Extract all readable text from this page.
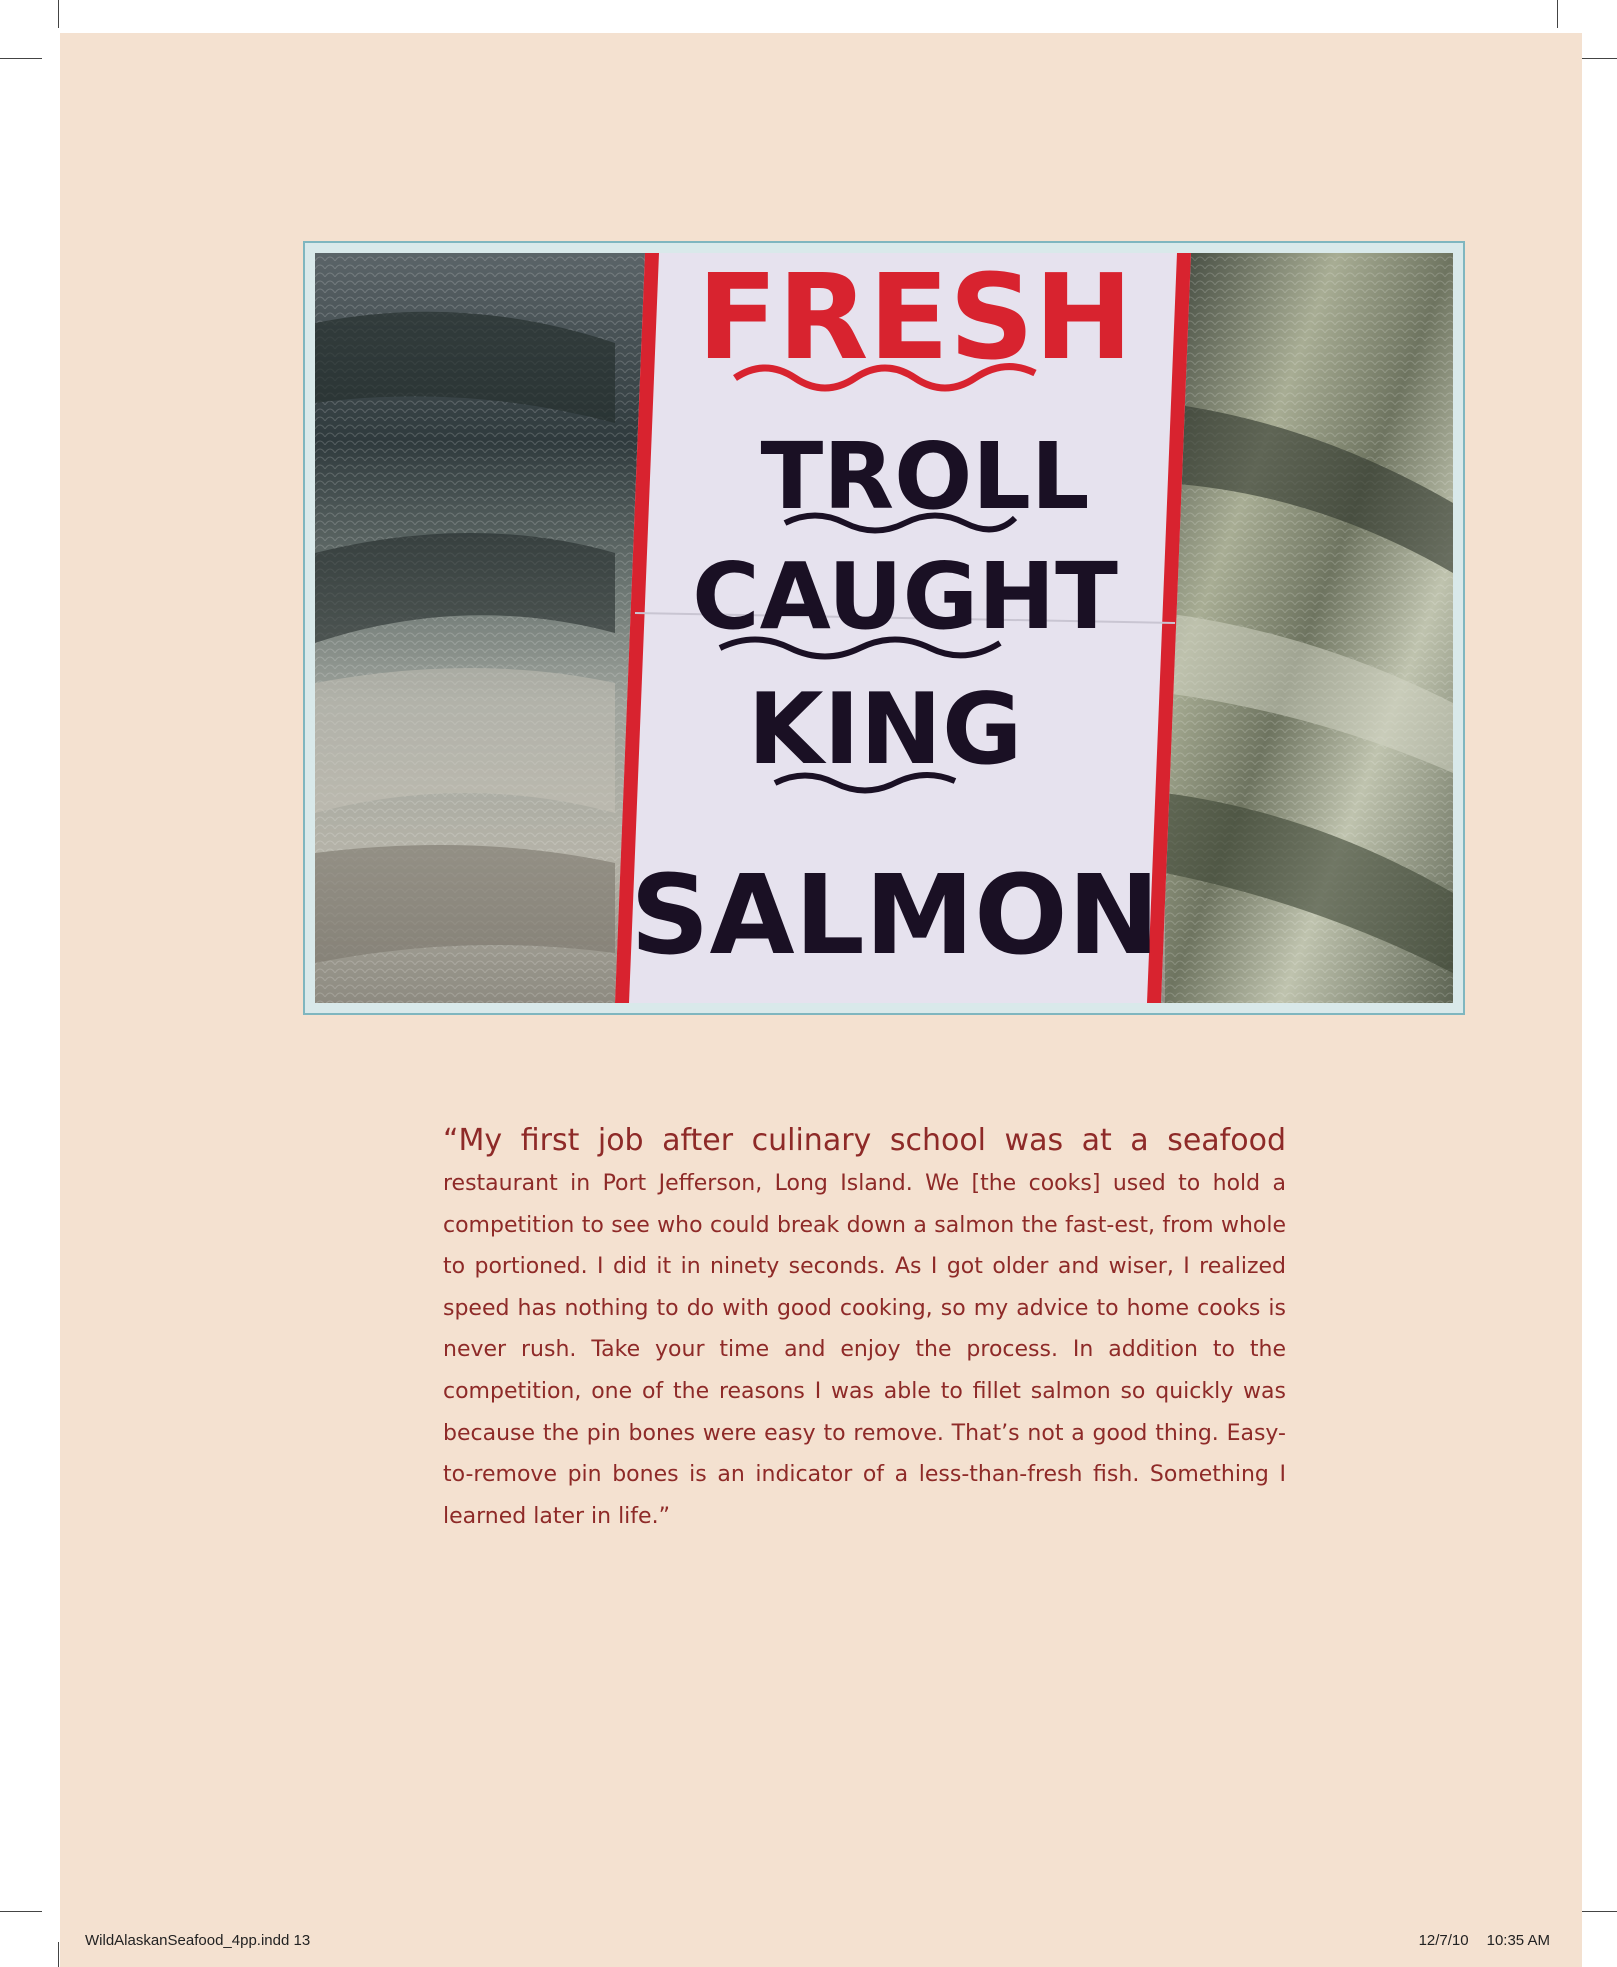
FRESH
TROLL
CAUGHT
KING
SALMON
“My first job after culinary school was at a seafood
restaurant in Port Jefferson, Long Island. We [the cooks] used to hold a competition to see who could break down a salmon the fast-est, from whole to portioned. I did it in ninety seconds. As I got older and wiser, I realized speed has nothing to do with good cooking, so my advice to home cooks is never rush. Take your time and enjoy the process. In addition to the competition, one of the reasons I was able to fillet salmon so quickly was because the pin bones were easy to remove. That’s not a good thing. Easy-to-remove pin bones is an indicator of a less-than-fresh fish. Something I learned later in life.”
WildAlaskanSeafood_4pp.indd 13	12/7/10 10:35 AM
